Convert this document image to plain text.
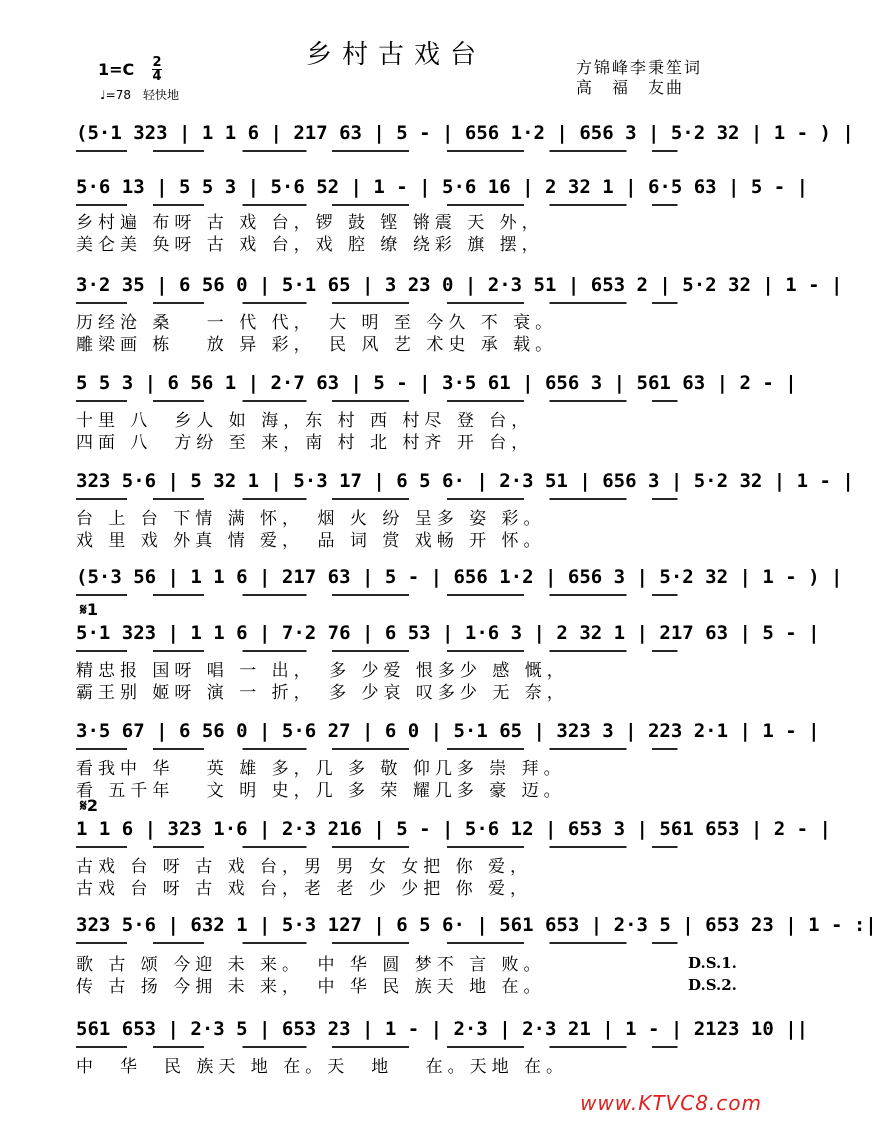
乡村古戏台
$1=C \frac{2}{4}$
♩=78　轻快地
方锦峰李秉笙词
高　福　友曲
(5·1 323 | 1 1 6 | 217 63 | 5 - | 656 1·2 | 656 3 | 5·2 32 | 1 - ) |
5·6 13 | 5 5 3 | 5·6 52 | 1 - | 5·6 16 | 2 32 1 | 6·5 63 | 5 - |
乡村遍 布呀 古 戏 台，锣 鼓 铿 锵震 天 外，
美仑美 奂呀 古 戏 台，戏 腔 缭 绕彩 旗 摆，
3·2 35 | 6 56 0 | 5·1 65 | 3 23 0 | 2·3 51 | 653 2 | 5·2 32 | 1 - |
历经沧 桑　 一 代 代，　大 明 至 今久 不 衰。
雕梁画 栋　 放 异 彩，　民 风 艺 术史 承 载。
5 5 3 | 6 56 1 | 2·7 63 | 5 - | 3·5 61 | 656 3 | 561 63 | 2 - |
十里 八　乡人 如 海，东 村 西 村尽 登 台，
四面 八　方纷 至 来，南 村 北 村齐 开 台，
323 5·6 | 5 32 1 | 5·3 17 | 6 5 6· | 2·3 51 | 656 3 | 5·2 32 | 1 - |
台 上 台 下情 满 怀，　烟 火 纷 呈多 姿 彩。
戏 里 戏 外真 情 爱，　品 词 赏 戏畅 开 怀。
(5·3 56 | 1 1 6 | 217 63 | 5 - | 656 1·2 | 656 3 | 5·2 32 | 1 - ) |
𝄋1
5·1 323 | 1 1 6 | 7·2 76 | 6 53 | 1·6 3 | 2 32 1 | 217 63 | 5 - |
精忠报 国呀 唱 一 出，　多 少爱 恨多少 感 慨，
霸王别 姬呀 演 一 折，　多 少哀 叹多少 无 奈，
3·5 67 | 6 56 0 | 5·6 27 | 6 0 | 5·1 65 | 323 3 | 223 2·1 | 1 - |
看我中 华　 英 雄 多，几 多 敬 仰几多 崇 拜。
看 五千年　 文 明 史，几 多 荣 耀几多 豪 迈。
𝄋2
1 1 6 | 323 1·6 | 2·3 216 | 5 - | 5·6 12 | 653 3 | 561 653 | 2 - |
古戏 台 呀 古 戏 台，男 男 女 女把 你 爱，
古戏 台 呀 古 戏 台，老 老 少 少把 你 爱，
323 5·6 | 632 1 | 5·3 127 | 6 5 6· | 561 653 | 2·3 5 | 653 23 | 1 - :|
歌 古 颂 今迎 未 来。　中 华 圆 梦不 言 败。
传 古 扬 今拥 未 来，　中 华 民 族天 地 在。
D.S.1.
D.S.2.
561 653 | 2·3 5 | 653 23 | 1 - | 2·3 | 2·3 21 | 1 - | 2123 10 ||
中　华　民 族天 地 在。天　地　 在。天地 在。
www.KTVC8.com
